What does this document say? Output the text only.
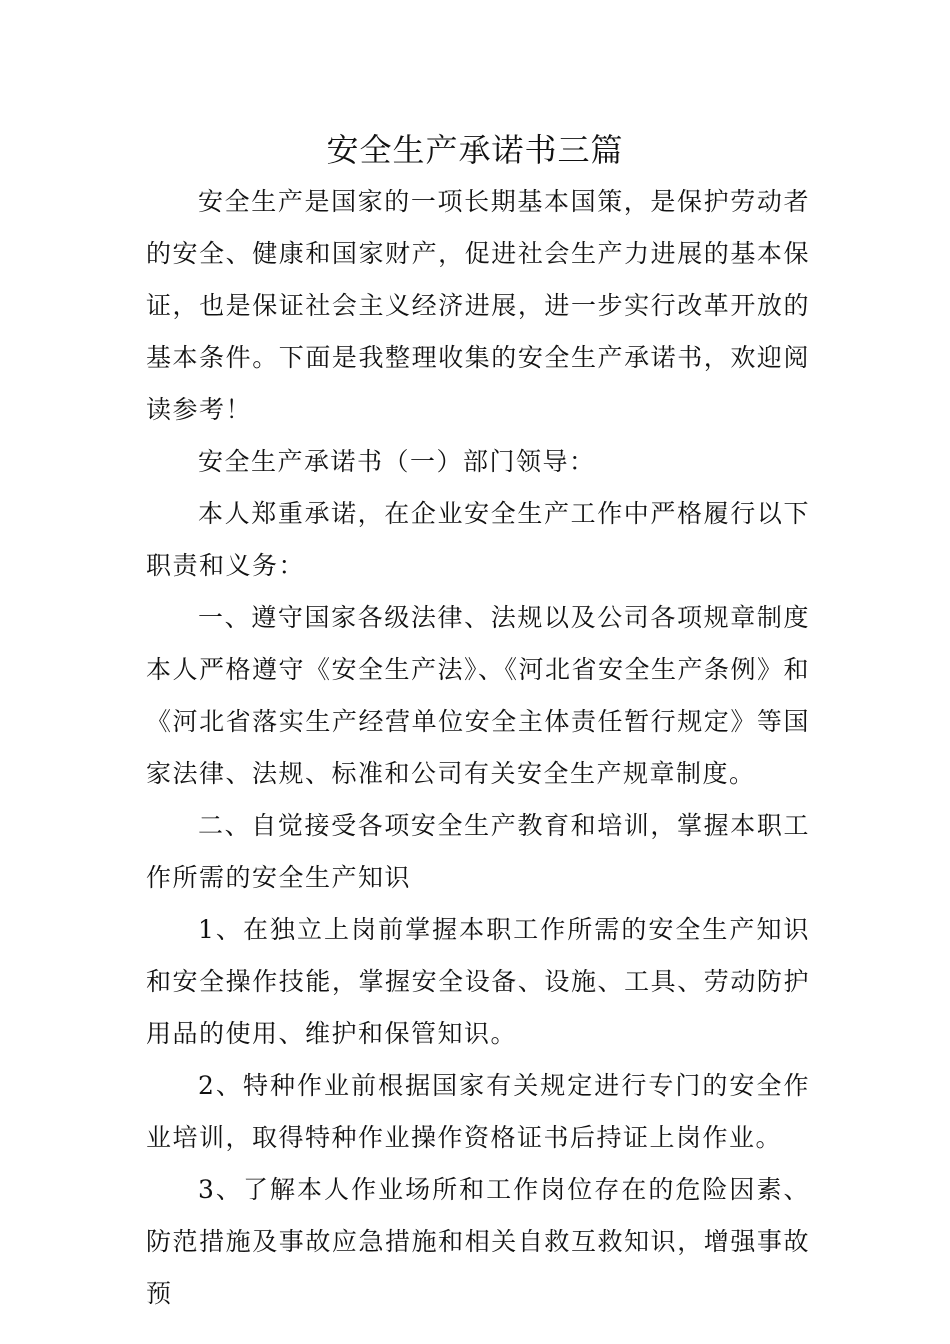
安全生产承诺书三篇

安全生产是国家的一项长期基本国策，是保护劳动者的安全、健康和国家财产，促进社会生产力进展的基本保证，也是保证社会主义经济进展，进一步实行改革开放的基本条件。下面是我整理收集的安全生产承诺书，欢迎阅读参考！

安全生产承诺书（一）部门领导：

本人郑重承诺，在企业安全生产工作中严格履行以下职责和义务：

一、遵守国家各级法律、法规以及公司各项规章制度本人严格遵守《安全生产法》、《河北省安全生产条例》和《河北省落实生产经营单位安全主体责任暂行规定》等国家法律、法规、标准和公司有关安全生产规章制度。

二、自觉接受各项安全生产教育和培训，掌握本职工作所需的安全生产知识

1、在独立上岗前掌握本职工作所需的安全生产知识和安全操作技能，掌握安全设备、设施、工具、劳动防护用品的使用、维护和保管知识。

2、特种作业前根据国家有关规定进行专门的安全作业培训，取得特种作业操作资格证书后持证上岗作业。

3、了解本人作业场所和工作岗位存在的危险因素、防范措施及事故应急措施和相关自救互救知识，增强事故预
